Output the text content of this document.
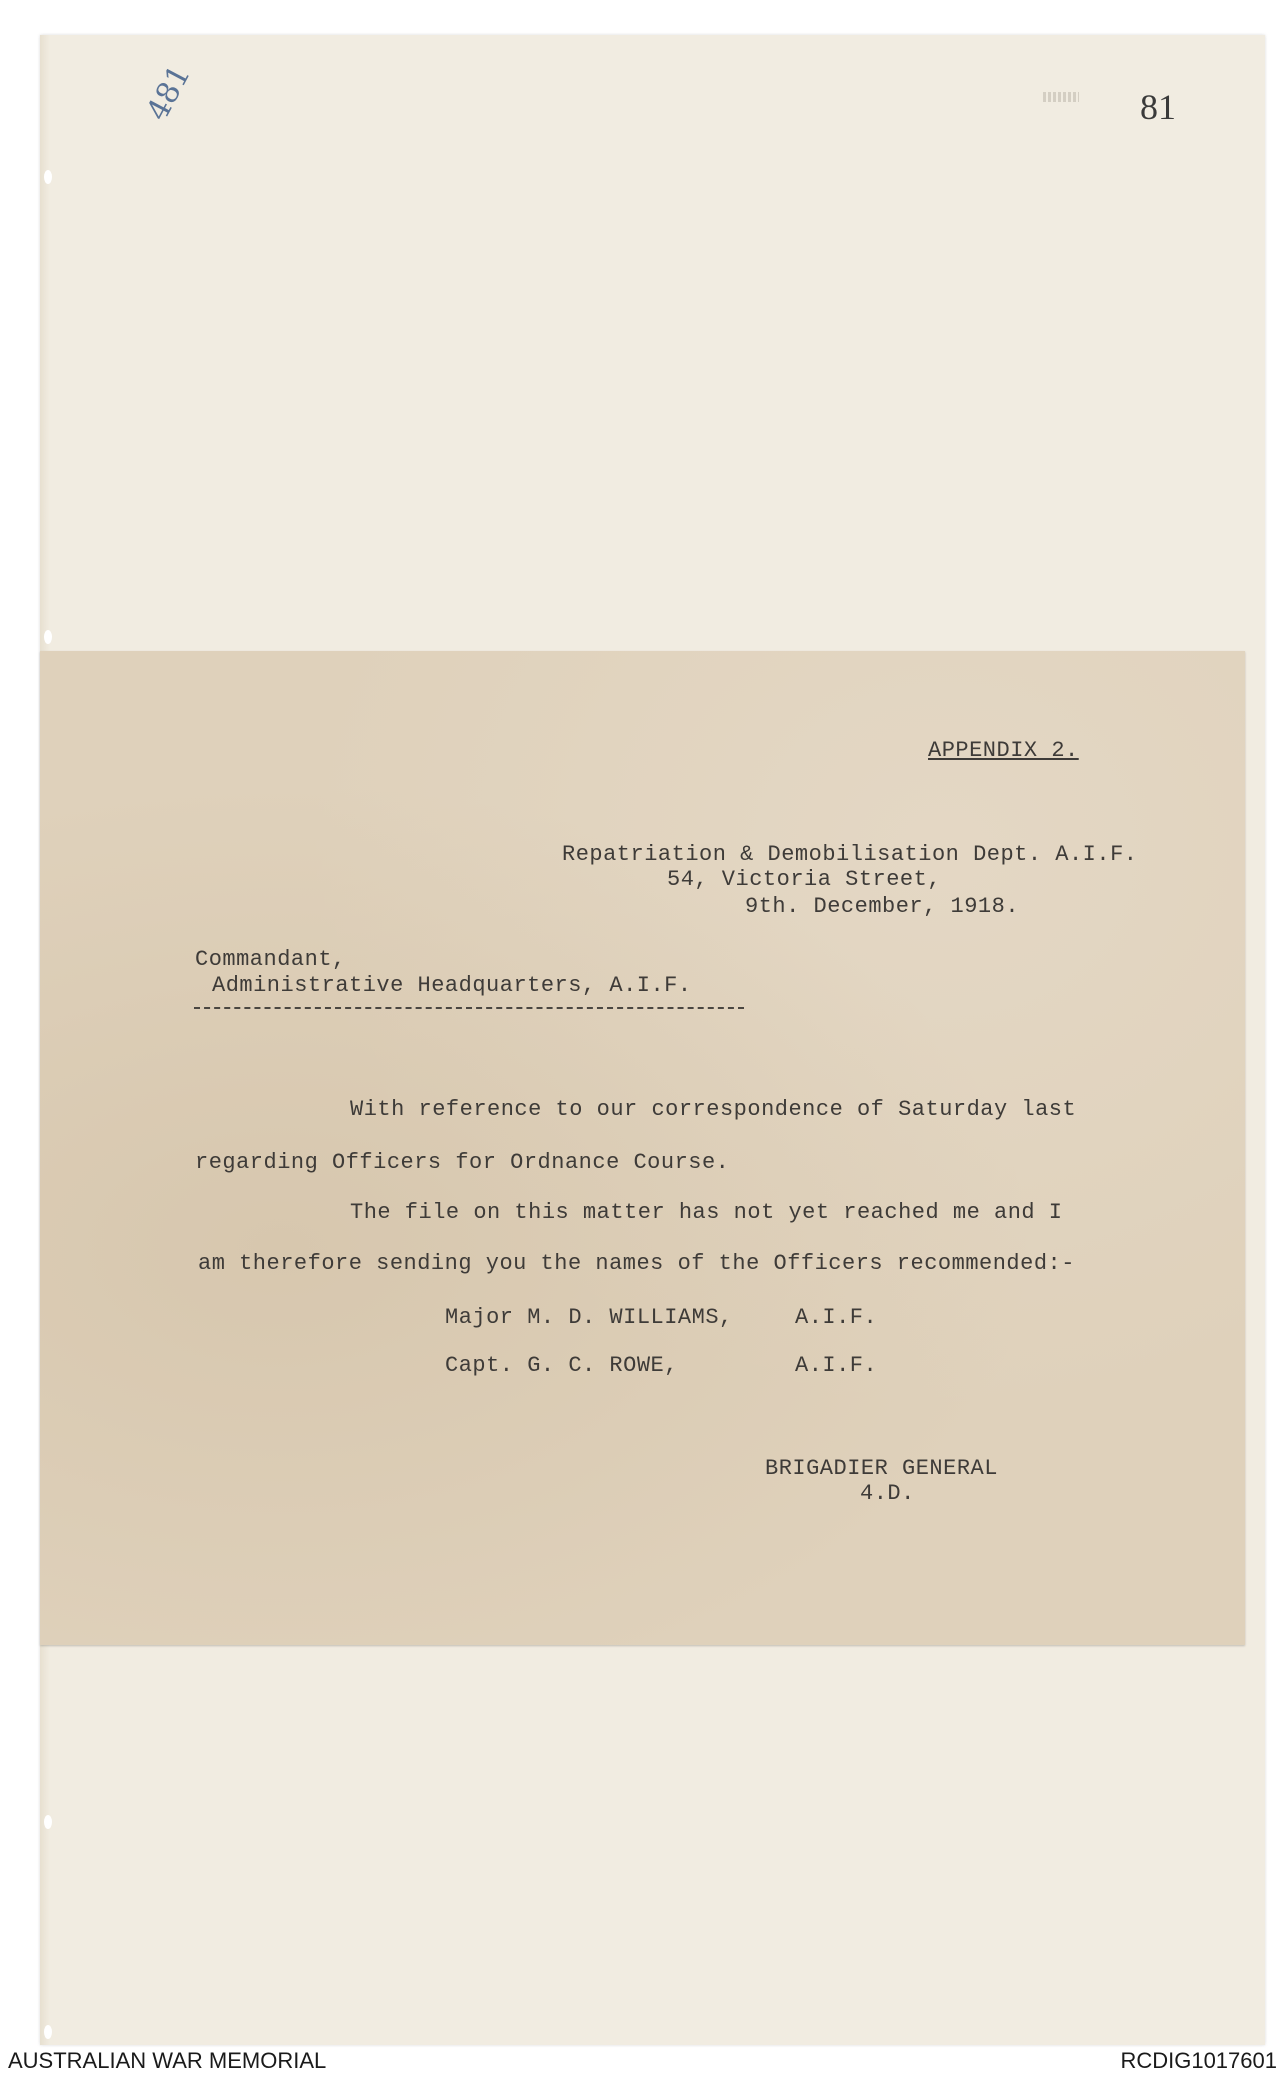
481	81
APPENDIX 2.
Repatriation & Demobilisation Dept. A.I.F.
54, Victoria Street,
9th. December, 1918.
Commandant,
Administrative Headquarters, A.I.F.
With reference to our correspondence of Saturday last
regarding Officers for Ordnance Course.
The file on this matter has not yet reached me and I
am therefore sending you the names of the Officers recommended:-
Major M. D. WILLIAMS,	A.I.F.
Capt. G. C. ROWE,	A.I.F.
BRIGADIER GENERAL
4.D.
AUSTRALIAN WAR MEMORIAL	RCDIG1017601
